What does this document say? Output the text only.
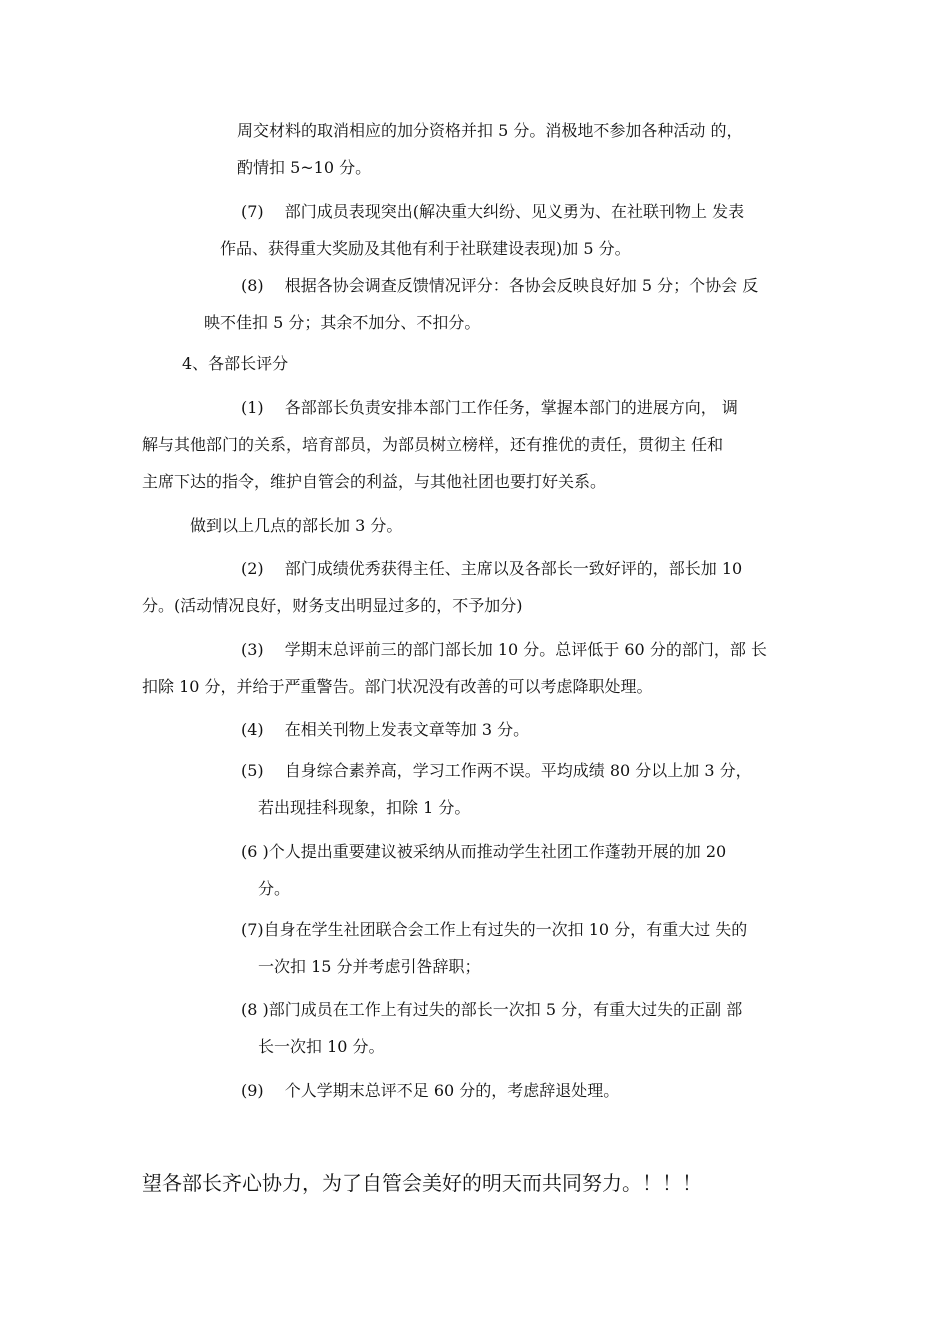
周交材料的取消相应的加分资格并扣 5 分。消极地不参加各种活动 的，

酌情扣 5~10 分。

(7)　 部门成员表现突出(解决重大纠纷、见义勇为、在社联刊物上 发表

作品、获得重大奖励及其他有利于社联建设表现)加 5 分。

(8)　 根据各协会调查反馈情况评分：各协会反映良好加 5 分；个协会 反

映不佳扣 5 分；其余不加分、不扣分。

4、各部长评分

(1)　 各部部长负责安排本部门工作任务，掌握本部门的进展方向， 调

解与其他部门的关系，培育部员，为部员树立榜样，还有推优的责任，贯彻主 任和

主席下达的指令，维护自管会的利益，与其他社团也要打好关系。

做到以上几点的部长加 3 分。

(2)　 部门成绩优秀获得主任、主席以及各部长一致好评的，部长加 10

分。(活动情况良好，财务支出明显过多的，不予加分)

(3)　 学期末总评前三的部门部长加 10 分。总评低于 60 分的部门，部 长

扣除 10 分，并给于严重警告。部门状况没有改善的可以考虑降职处理。

(4)　 在相关刊物上发表文章等加 3 分。

(5)　 自身综合素养高，学习工作两不误。平均成绩 80 分以上加 3 分，

若出现挂科现象，扣除 1 分。

(6 )个人提出重要建议被采纳从而推动学生社团工作蓬勃开展的加 20

分。

(7)自身在学生社团联合会工作上有过失的一次扣 10 分，有重大过 失的

一次扣 15 分并考虑引咎辞职；

(8 )部门成员在工作上有过失的部长一次扣 5 分，有重大过失的正副 部

长一次扣 10 分。

(9)　 个人学期末总评不足 60 分的，考虑辞退处理。

望各部长齐心协力，为了自管会美好的明天而共同努力。！！！
